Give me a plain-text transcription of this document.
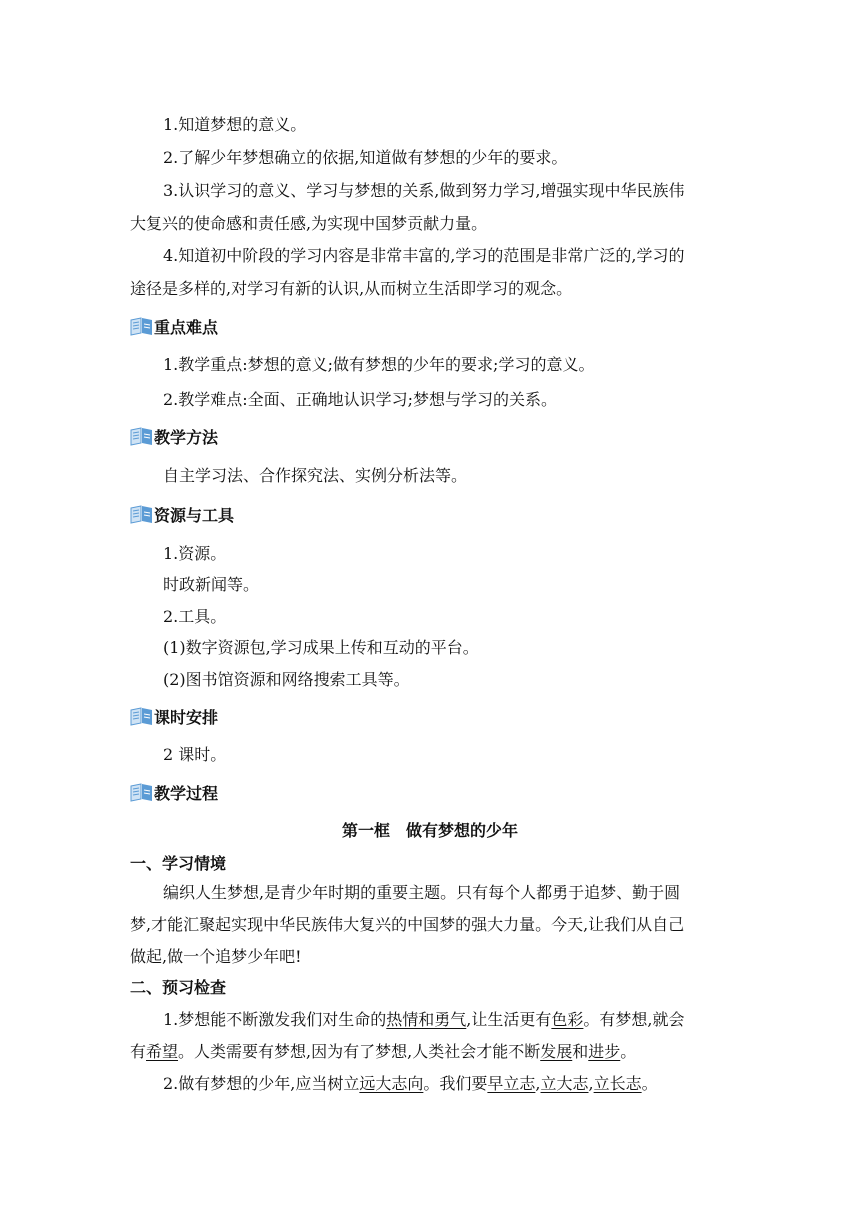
1.知道梦想的意义。
2.了解少年梦想确立的依据,知道做有梦想的少年的要求。
3.认识学习的意义、学习与梦想的关系,做到努力学习,增强实现中华民族伟
大复兴的使命感和责任感,为实现中国梦贡献力量。
4.知道初中阶段的学习内容是非常丰富的,学习的范围是非常广泛的,学习的
途径是多样的,对学习有新的认识,从而树立生活即学习的观念。
重点难点
1.教学重点:梦想的意义;做有梦想的少年的要求;学习的意义。
2.教学难点:全面、正确地认识学习;梦想与学习的关系。
教学方法
自主学习法、合作探究法、实例分析法等。
资源与工具
1.资源。
时政新闻等。
2.工具。
(1)数字资源包,学习成果上传和互动的平台。
(2)图书馆资源和网络搜索工具等。
课时安排
2 课时。
教学过程
第一框　做有梦想的少年
一、学习情境
编织人生梦想,是青少年时期的重要主题。只有每个人都勇于追梦、勤于圆
梦,才能汇聚起实现中华民族伟大复兴的中国梦的强大力量。今天,让我们从自己
做起,做一个追梦少年吧!
二、预习检查
1.梦想能不断激发我们对生命的热情和勇气,让生活更有色彩。有梦想,就会
有希望。人类需要有梦想,因为有了梦想,人类社会才能不断发展和进步。
2.做有梦想的少年,应当树立远大志向。我们要早立志,立大志,立长志。
